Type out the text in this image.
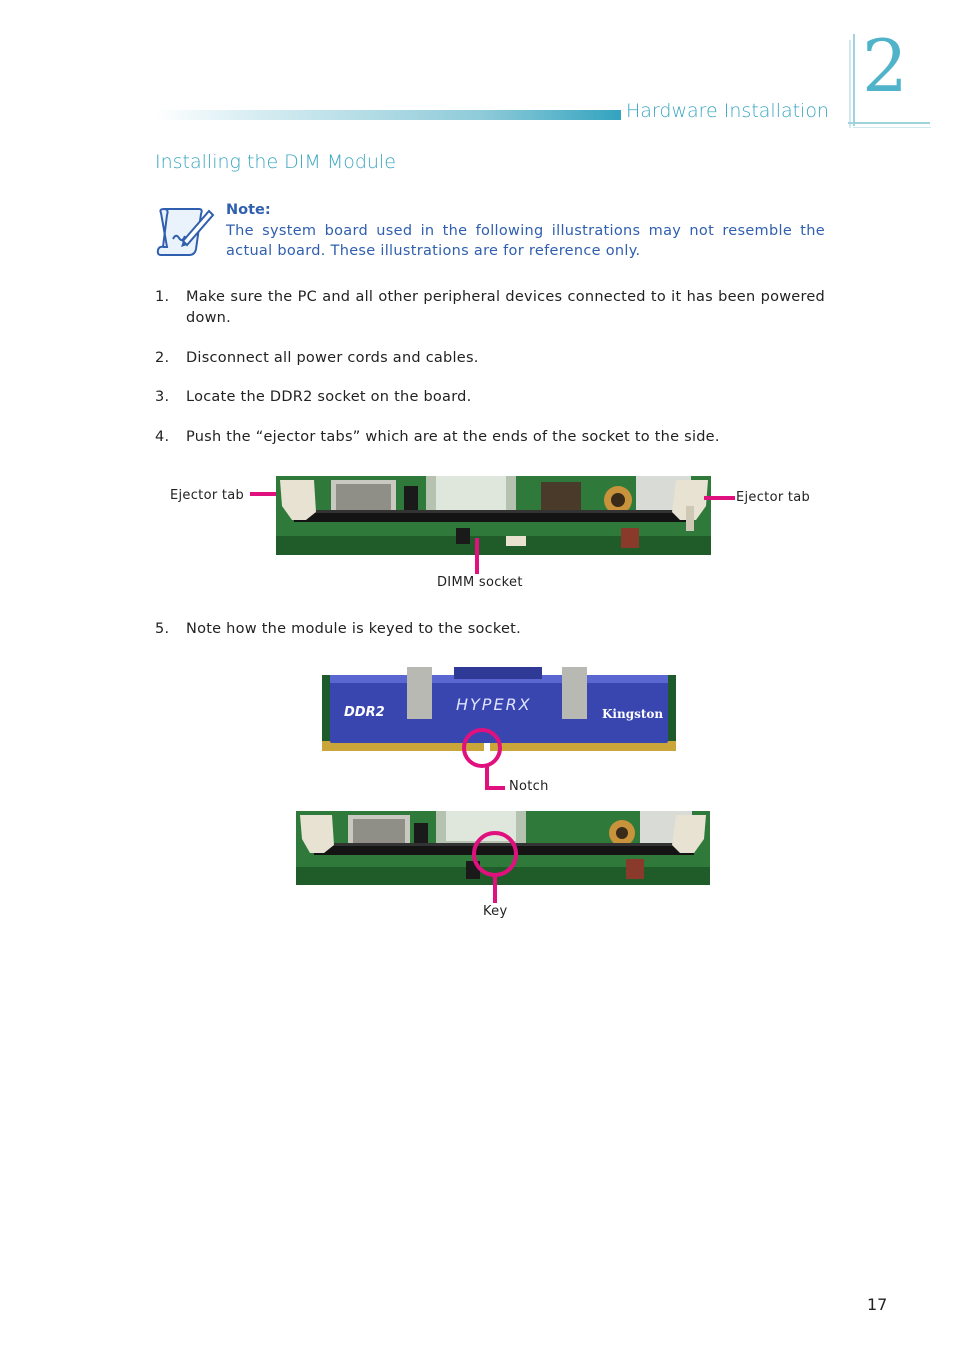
2
Hardware Installation
Installing the DIM Module
Note:
The system board used in the following illustrations may not resemble the actual board. These illustrations are for reference only.
1. Make sure the PC and all other peripheral devices connected to it has been powered down.
2. Disconnect all power cords and cables.
3. Locate the DDR2 socket on the board.
4. Push the “ejector tabs” which are at the ends of the socket to the side.
Ejector tab	Ejector tab
DIMM socket
5. Note how the module is keyed to the socket.
DDR2	HYPERX	Kingston
Notch
Key
17
